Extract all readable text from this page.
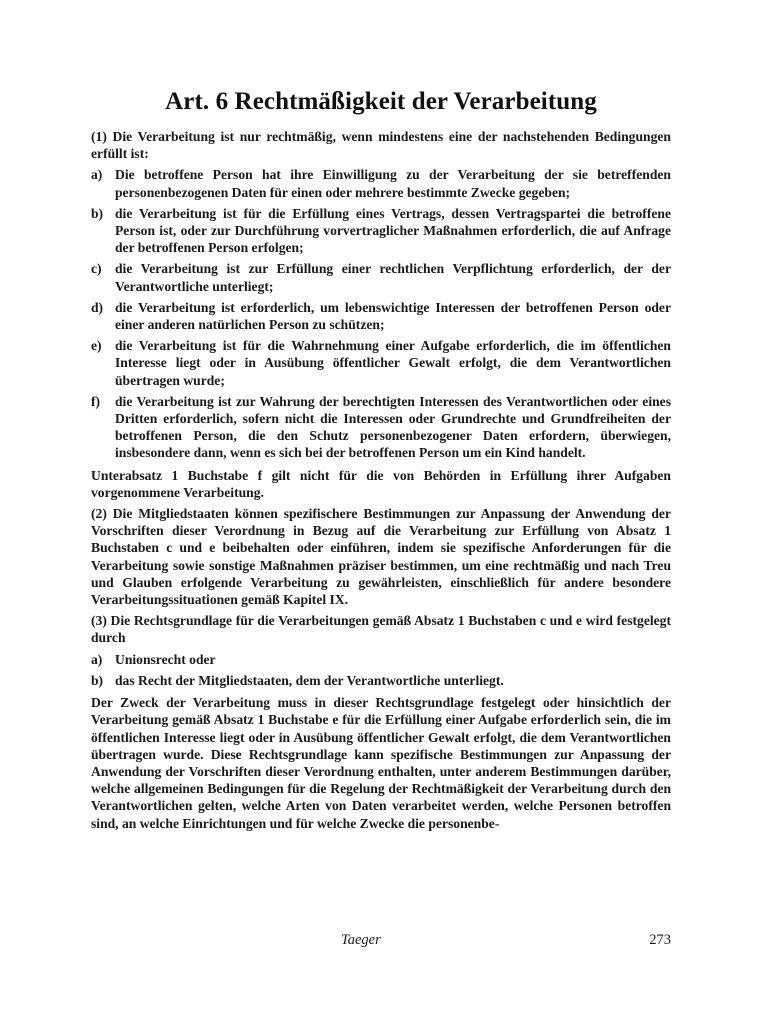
Art. 6 Rechtmäßigkeit der Verarbeitung

(1) Die Verarbeitung ist nur rechtmäßig, wenn mindestens eine der nachstehenden Bedingungen erfüllt ist:

a) Die betroffene Person hat ihre Einwilligung zu der Verarbeitung der sie betreffenden personenbezogenen Daten für einen oder mehrere bestimmte Zwecke gegeben;
b) die Verarbeitung ist für die Erfüllung eines Vertrags, dessen Vertragspartei die betroffene Person ist, oder zur Durchführung vorvertraglicher Maßnahmen erforderlich, die auf Anfrage der betroffenen Person erfolgen;
c) die Verarbeitung ist zur Erfüllung einer rechtlichen Verpflichtung erforderlich, der der Verantwortliche unterliegt;
d) die Verarbeitung ist erforderlich, um lebenswichtige Interessen der betroffenen Person oder einer anderen natürlichen Person zu schützen;
e) die Verarbeitung ist für die Wahrnehmung einer Aufgabe erforderlich, die im öffentlichen Interesse liegt oder in Ausübung öffentlicher Gewalt erfolgt, die dem Verantwortlichen übertragen wurde;
f) die Verarbeitung ist zur Wahrung der berechtigten Interessen des Verantwortlichen oder eines Dritten erforderlich, sofern nicht die Interessen oder Grundrechte und Grundfreiheiten der betroffenen Person, die den Schutz personenbezogener Daten erfordern, überwiegen, insbesondere dann, wenn es sich bei der betroffenen Person um ein Kind handelt.

Unterabsatz 1 Buchstabe f gilt nicht für die von Behörden in Erfüllung ihrer Aufgaben vorgenommene Verarbeitung.

(2) Die Mitgliedstaaten können spezifischere Bestimmungen zur Anpassung der Anwendung der Vorschriften dieser Verordnung in Bezug auf die Verarbeitung zur Erfüllung von Absatz 1 Buchstaben c und e beibehalten oder einführen, indem sie spezifische Anforderungen für die Verarbeitung sowie sonstige Maßnahmen präziser bestimmen, um eine rechtmäßig und nach Treu und Glauben erfolgende Verarbeitung zu gewährleisten, einschließlich für andere besondere Verarbeitungssituationen gemäß Kapitel IX.

(3) Die Rechtsgrundlage für die Verarbeitungen gemäß Absatz 1 Buchstaben c und e wird festgelegt durch

a) Unionsrecht oder
b) das Recht der Mitgliedstaaten, dem der Verantwortliche unterliegt.

Der Zweck der Verarbeitung muss in dieser Rechtsgrundlage festgelegt oder hinsichtlich der Verarbeitung gemäß Absatz 1 Buchstabe e für die Erfüllung einer Aufgabe erforderlich sein, die im öffentlichen Interesse liegt oder in Ausübung öffentlicher Gewalt erfolgt, die dem Verantwortlichen übertragen wurde. Diese Rechtsgrundlage kann spezifische Bestimmungen zur Anpassung der Anwendung der Vorschriften dieser Verordnung enthalten, unter anderem Bestimmungen darüber, welche allgemeinen Bedingungen für die Regelung der Rechtmäßigkeit der Verarbeitung durch den Verantwortlichen gelten, welche Arten von Daten verarbeitet werden, welche Personen betroffen sind, an welche Einrichtungen und für welche Zwecke die personenbe-

Taeger	273
